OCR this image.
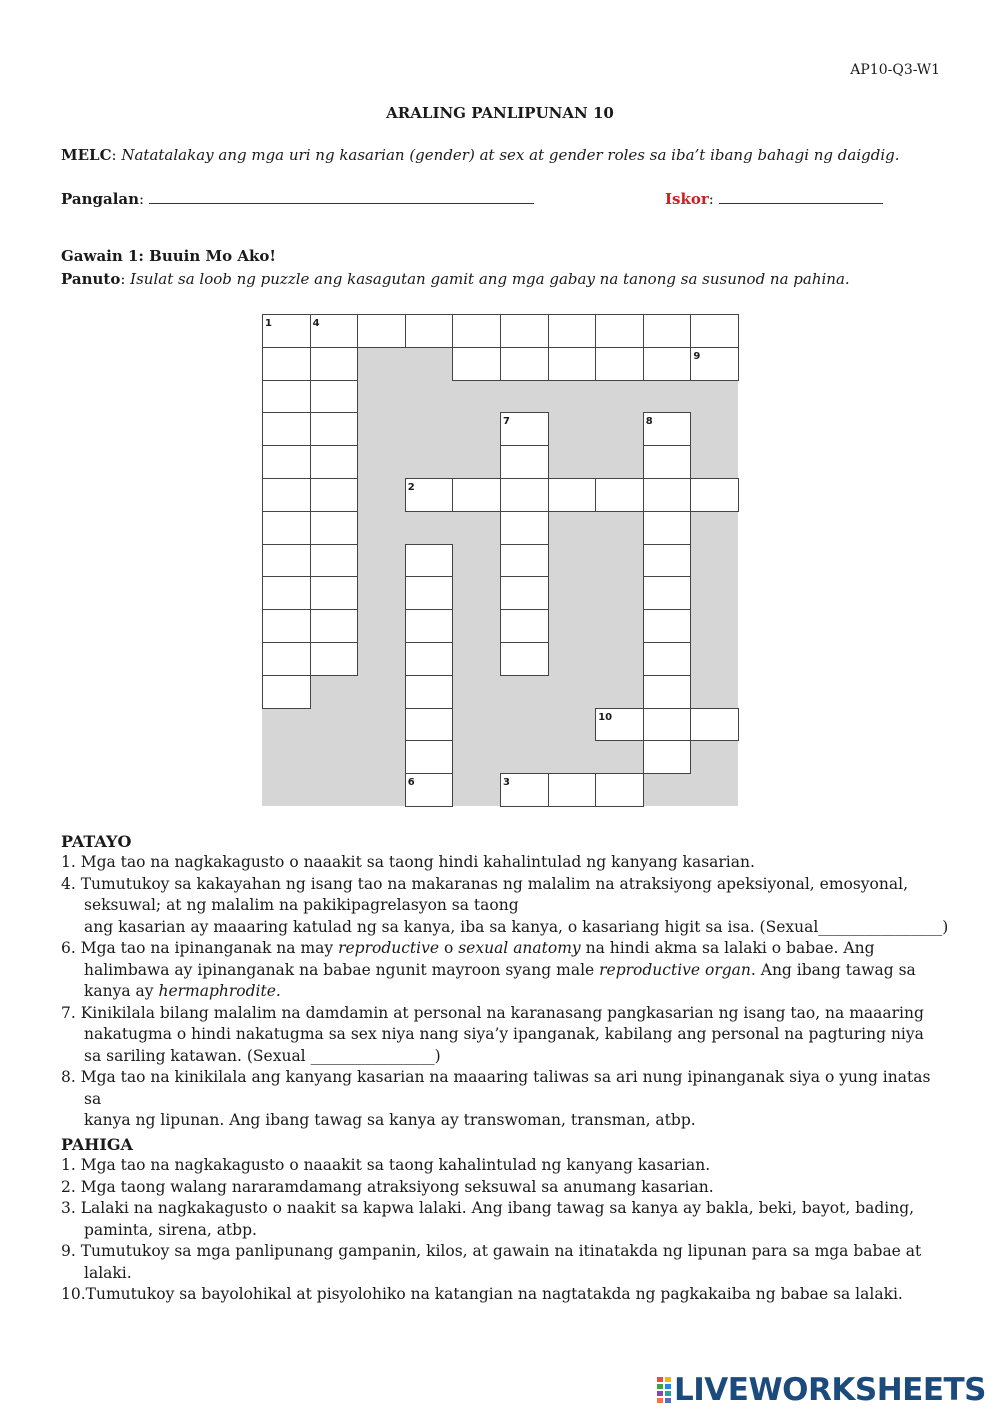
AP10-Q3-W1
ARALING PANLIPUNAN 10
MELC: Natatalakay ang mga uri ng kasarian (gender) at sex at gender roles sa iba’t ibang bahagi ng daigdig.
Pangalan:	Iskor:
Gawain 1: Buuin Mo Ako!
Panuto: Isulat sa loob ng puzzle ang kasagutan gamit ang mga gabay na tanong sa susunod na pahina.
1	4
9
7	8
2
10
6	3
PATAYO
1. Mga tao na nagkakagusto o naaakit sa taong hindi kahalintulad ng kanyang kasarian.
4. Tumutukoy sa kakayahan ng isang tao na makaranas ng malalim na atraksiyong apeksiyonal, emosyonal,
seksuwal; at ng malalim na pakikipagrelasyon sa taong
ang kasarian ay maaaring katulad ng sa kanya, iba sa kanya, o kasariang higit sa isa. (Sexual________________)
6. Mga tao na ipinanganak na may reproductive o sexual anatomy na hindi akma sa lalaki o babae. Ang
halimbawa ay ipinanganak na babae ngunit mayroon syang male reproductive organ. Ang ibang tawag sa
kanya ay hermaphrodite.
7. Kinikilala bilang malalim na damdamin at personal na karanasang pangkasarian ng isang tao, na maaaring
nakatugma o hindi nakatugma sa sex niya nang siya’y ipanganak, kabilang ang personal na pagturing niya
sa sariling katawan. (Sexual ________________)
8. Mga tao na kinikilala ang kanyang kasarian na maaaring taliwas sa ari nung ipinanganak siya o yung inatas sa
kanya ng lipunan. Ang ibang tawag sa kanya ay transwoman, transman, atbp.
PAHIGA
1. Mga tao na nagkakagusto o naaakit sa taong kahalintulad ng kanyang kasarian.
2. Mga taong walang nararamdamang atraksiyong seksuwal sa anumang kasarian.
3. Lalaki na nagkakagusto o naakit sa kapwa lalaki. Ang ibang tawag sa kanya ay bakla, beki, bayot, bading,
paminta, sirena, atbp.
9. Tumutukoy sa mga panlipunang gampanin, kilos, at gawain na itinatakda ng lipunan para sa mga babae at
lalaki.
10.Tumutukoy sa bayolohikal at pisyolohiko na katangian na nagtatakda ng pagkakaiba ng babae sa lalaki.
LIVEWORKSHEETS
